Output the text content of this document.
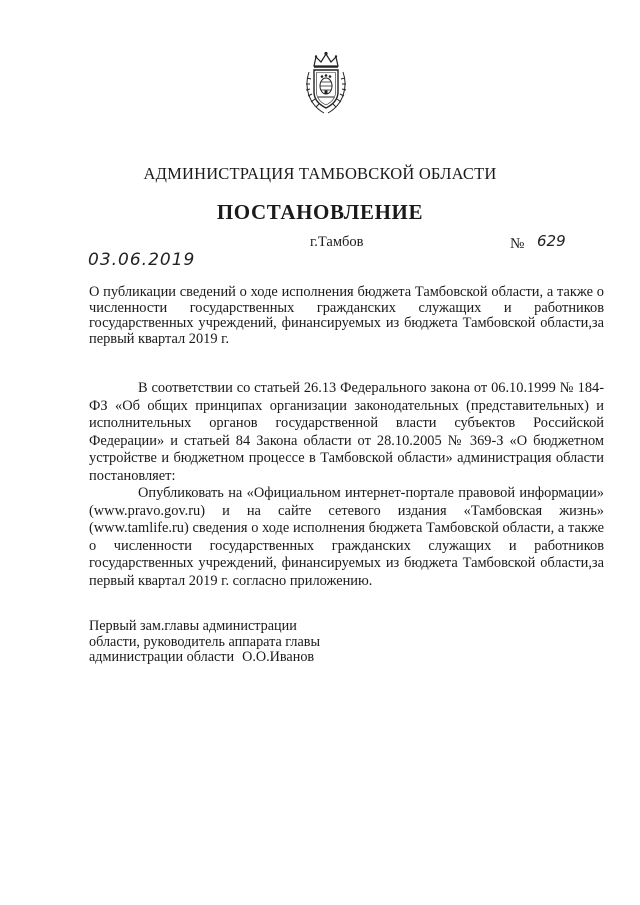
АДМИНИСТРАЦИЯ ТАМБОВСКОЙ ОБЛАСТИ
ПОСТАНОВЛЕНИЕ
03.06.2019
г.Тамбов	№ 629
О публикации сведений о ходе исполнения бюджета Тамбовской области, а также о численности государственных гражданских служащих и работников государственных учреждений, финансируемых из бюджета Тамбовской области,за первый квартал 2019 г.

В соответствии со статьей 26.13 Федерального закона от 06.10.1999 № 184-ФЗ «Об общих принципах организации законодательных (представительных) и исполнительных органов государственной власти субъектов Российской Федерации» и статьей 84 Закона области от 28.10.2005 № 369-З «О бюджетном устройстве и бюджетном процессе в Тамбовской области» администрация области постановляет:

Опубликовать на «Официальном интернет-портале правовой информации» (www.pravo.gov.ru) и на сайте сетевого издания «Тамбовская жизнь» (www.tamlife.ru) сведения о ходе исполнения бюджета Тамбовской области, а также о численности государственных гражданских служащих и работников государственных учреждений, финансируемых из бюджета Тамбовской области,за первый квартал 2019 г. согласно приложению.

Первый зам.главы администрации
области, руководитель аппарата главы
администрации области О.О.Иванов
